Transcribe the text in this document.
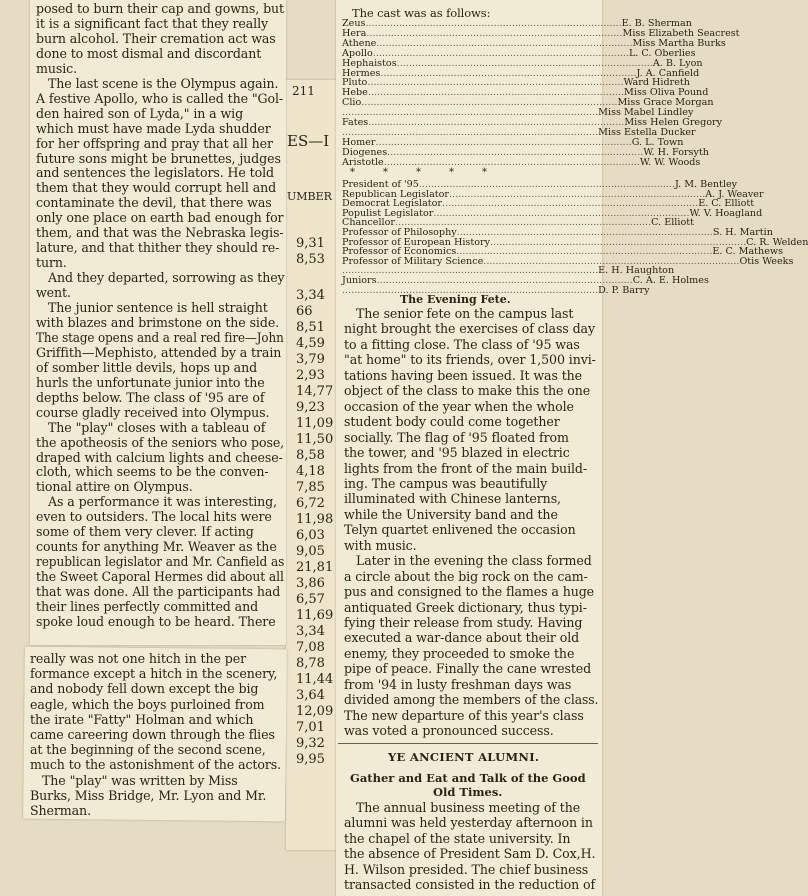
posed to burn their cap and gowns, but
it is a significant fact that they really
burn alcohol. Their cremation act was
done to most dismal and discordant
music.
The last scene is the Olympus again.
A festive Apollo, who is called the "Gol-
den haired son of Lyda," in a wig
which must have made Lyda shudder
for her offspring and pray that all her
future sons might be brunettes, judges
and sentences the legislators. He told
them that they would corrupt hell and
contaminate the devil, that there was
only one place on earth bad enough for
them, and that was the Nebraska legis-
lature, and that thither they should re-
turn.
And they departed, sorrowing as they
went.
The junior sentence is hell straight
with blazes and brimstone on the side.
The stage opens and a real red fire—John
Griffith—Mephisto, attended by a train
of somber little devils, hops up and
hurls the unfortunate junior into the
depths below. The class of '95 are of
course gladly received into Olympus.
The "play" closes with a tableau of
the apotheosis of the seniors who pose,
draped with calcium lights and cheese-
cloth, which seems to be the conven-
tional attire on Olympus.
As a performance it was interesting,
even to outsiders. The local hits were
some of them very clever. If acting
counts for anything Mr. Weaver as the
republican legislator and Mr. Canfield as
the Sweet Caporal Hermes did about all
that was done. All the participants had
their lines perfectly committed and
spoke loud enough to be heard. There
really was not one hitch in the per
formance except a hitch in the scenery,
and nobody fell down except the big
eagle, which the boys purloined from
the irate "Fatty" Holman and which
came careering down through the flies
at the beginning of the second scene,
much to the astonishment of the actors.
The "play" was written by Miss
Burks, Miss Bridge, Mr. Lyon and Mr.
Sherman.
211
ES—I
UMBER
9,31
8,53
3,34
66
8,51
4,59
3,79
2,93
14,77
9,23
11,09
11,50
8,58
4,18
7,85
6,72
11,98
6,03
9,05
21,81
3,86
6,57
11,69
3,34
7,08
8,78
11,44
3,64
12,09
7,01
9,32
9,95
The cast was as follows:
Zeus .................................................................................... E. B. Sherman
Hera .................................................................................... Miss Elizabeth Seacrest
Athene .................................................................................... Miss Martha Burks
Apollo .................................................................................... L. C. Oberlies
Hephaistos .................................................................................... A. B. Lyon
Hermes .................................................................................... J. A. Canfield
Pluto .................................................................................... Ward Hidreth
Hebe .................................................................................... Miss Oliva Pound
Clio .................................................................................... Miss Grace Morgan
.................................................................................... Miss Mabel Lindley
Fates .................................................................................... Miss Helen Gregory
.................................................................................... Miss Estella Ducker
Homer .................................................................................... G. L. Town
Diogenes .................................................................................... W. H. Forsyth
Aristotle .................................................................................... W. W. Woods
*****
President of '95 .................................................................................... J. M. Bentley
Republican Legislator .................................................................................... A. J. Weaver
Democrat Legislator .................................................................................... E. C. Elliott
Populist Legislator .................................................................................... W. V. Hoagland
Chancellor .................................................................................... C. Elliott
Professor of Philosophy .................................................................................... S. H. Martin
Professor of European History .................................................................................... C. R. Welden
Professor of Economics .................................................................................... E. C. Mathews
Professor of Military Science .................................................................................... Otis Weeks
.................................................................................... E. H. Haughton
Juniors .................................................................................... C. A. E. Holmes
.................................................................................... D. P. Barry
The Evening Fete.
The senior fete on the campus last
night brought the exercises of class day
to a fitting close. The class of '95 was
"at home" to its friends, over 1,500 invi-
tations having been issued. It was the
object of the class to make this the one
occasion of the year when the whole
student body could come together
socially. The flag of '95 floated from
the tower, and '95 blazed in electric
lights from the front of the main build-
ing. The campus was beautifully
illuminated with Chinese lanterns,
while the University band and the
Telyn quartet enlivened the occasion
with music.
Later in the evening the class formed
a circle about the big rock on the cam-
pus and consigned to the flames a huge
antiquated Greek dictionary, thus typi-
fying their release from study. Having
executed a war-dance about their old
enemy, they proceeded to smoke the
pipe of peace. Finally the cane wrested
from '94 in lusty freshman days was
divided among the members of the class.
The new departure of this year's class
was voted a pronounced success.
YE ANCIENT ALUMNI.
Gather and Eat and Talk of the Good
Old Times.
The annual business meeting of the
alumni was held yesterday afternoon in
the chapel of the state university. In
the absence of President Sam D. Cox,H.
H. Wilson presided. The chief business
transacted consisted in the reduction of
